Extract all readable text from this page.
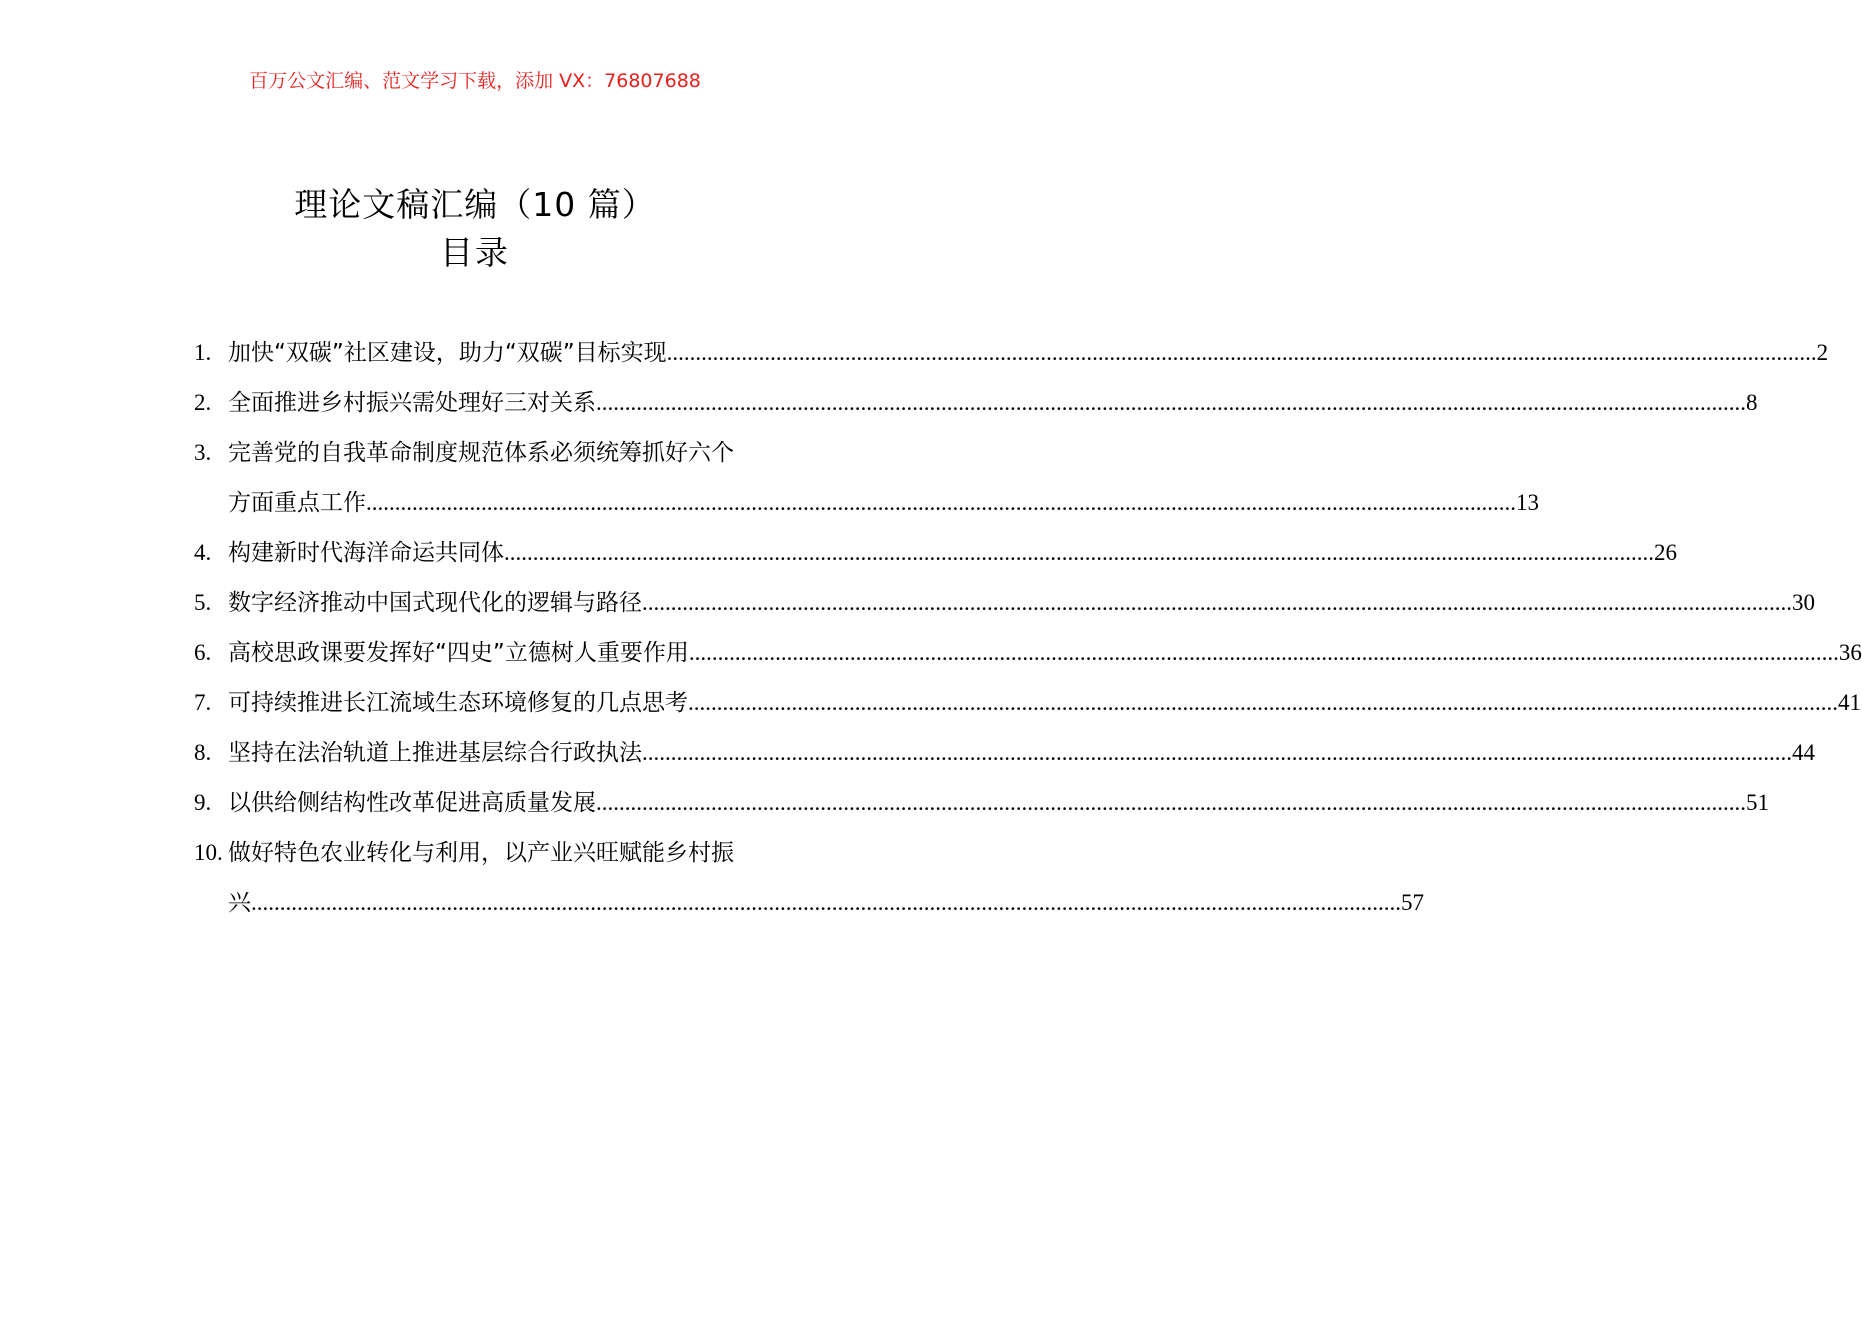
百万公文汇编、范文学习下载，添加 VX：76807688
理论文稿汇编（10 篇）
目录
1. 加快“双碳”社区建设，助力“双碳”目标实现 ........................................................................................................................................................................................................ 2
2. 全面推进乡村振兴需处理好三对关系 ........................................................................................................................................................................................................ 8
3. 完善党的自我革命制度规范体系必须统筹抓好六个
方面重点工作 ........................................................................................................................................................................................................ 13
4. 构建新时代海洋命运共同体 ........................................................................................................................................................................................................ 26
5. 数字经济推动中国式现代化的逻辑与路径 ........................................................................................................................................................................................................ 30
6. 高校思政课要发挥好“四史”立德树人重要作用 ........................................................................................................................................................................................................ 36
7. 可持续推进长江流域生态环境修复的几点思考 ........................................................................................................................................................................................................ 41
8. 坚持在法治轨道上推进基层综合行政执法 ........................................................................................................................................................................................................ 44
9. 以供给侧结构性改革促进高质量发展 ........................................................................................................................................................................................................ 51
10. 做好特色农业转化与利用，以产业兴旺赋能乡村振
兴 ........................................................................................................................................................................................................ 57
